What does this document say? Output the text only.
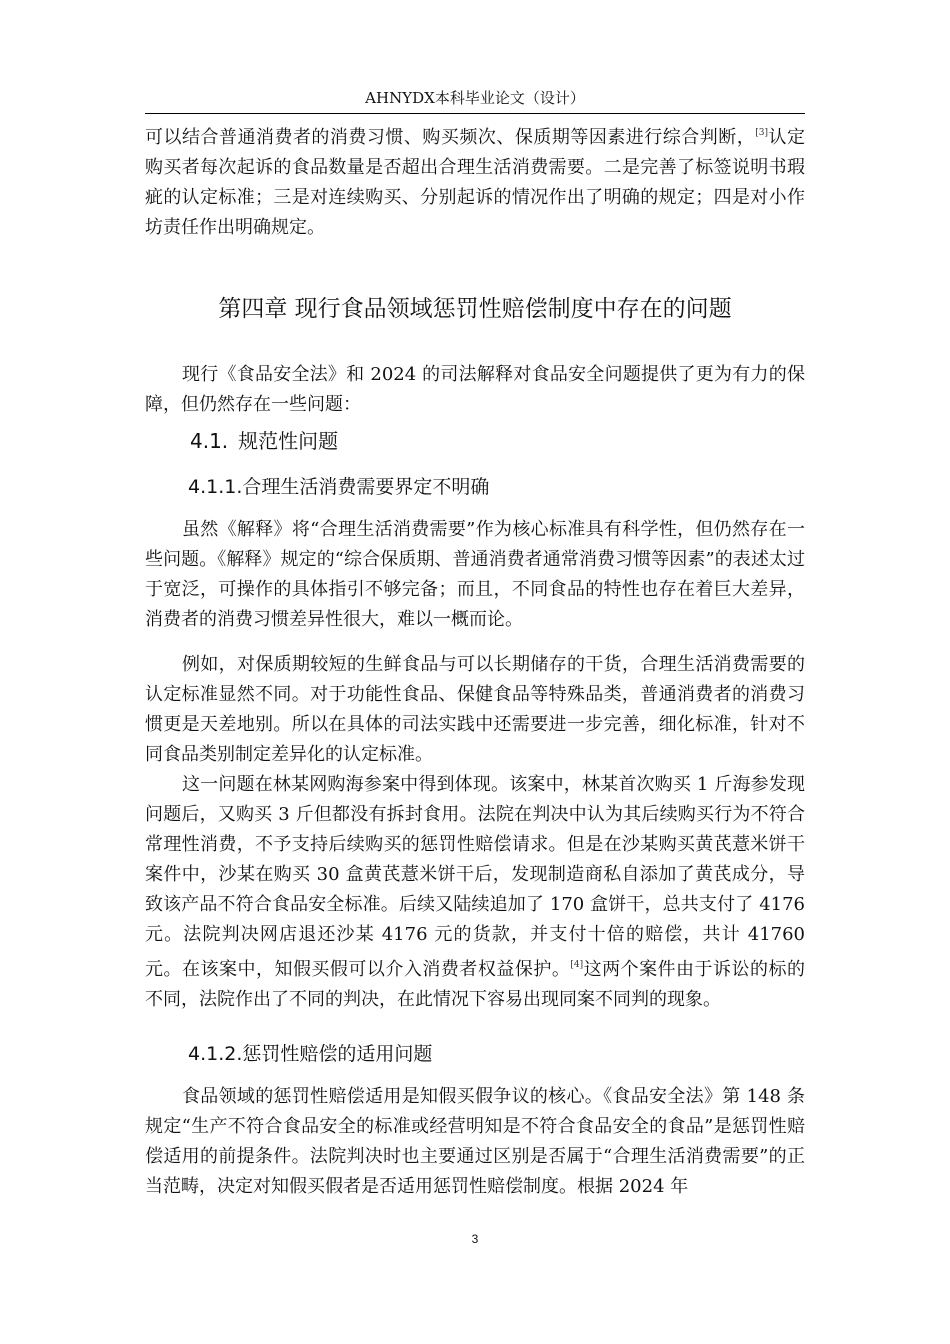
AHNYDX本科毕业论文（设计）

可以结合普通消费者的消费习惯、购买频次、保质期等因素进行综合判断，[3]认定购买者每次起诉的食品数量是否超出合理生活消费需要。二是完善了标签说明书瑕疵的认定标准；三是对连续购买、分别起诉的情况作出了明确的规定；四是对小作坊责任作出明确规定。

第四章 现行食品领域惩罚性赔偿制度中存在的问题

现行《食品安全法》和 2024 的司法解释对食品安全问题提供了更为有力的保障，但仍然存在一些问题：

4.1. 规范性问题
4.1.1.合理生活消费需要界定不明确

虽然《解释》将“合理生活消费需要”作为核心标准具有科学性，但仍然存在一些问题。《解释》规定的“综合保质期、普通消费者通常消费习惯等因素”的表述太过于宽泛，可操作的具体指引不够完备；而且，不同食品的特性也存在着巨大差异，消费者的消费习惯差异性很大，难以一概而论。

例如，对保质期较短的生鲜食品与可以长期储存的干货，合理生活消费需要的认定标准显然不同。对于功能性食品、保健食品等特殊品类，普通消费者的消费习惯更是天差地别。所以在具体的司法实践中还需要进一步完善，细化标准，针对不同食品类别制定差异化的认定标准。

这一问题在林某网购海参案中得到体现。该案中，林某首次购买 1 斤海参发现问题后，又购买 3 斤但都没有拆封食用。法院在判决中认为其后续购买行为不符合常理性消费，不予支持后续购买的惩罚性赔偿请求。但是在沙某购买黄芪薏米饼干案件中，沙某在购买 30 盒黄芪薏米饼干后，发现制造商私自添加了黄芪成分，导致该产品不符合食品安全标准。后续又陆续追加了 170 盒饼干，总共支付了 4176 元。法院判决网店退还沙某 4176 元的货款，并支付十倍的赔偿，共计 41760 元。在该案中，知假买假可以介入消费者权益保护。[4]这两个案件由于诉讼的标的不同，法院作出了不同的判决，在此情况下容易出现同案不同判的现象。

4.1.2.惩罚性赔偿的适用问题

食品领域的惩罚性赔偿适用是知假买假争议的核心。《食品安全法》第 148 条规定“生产不符合食品安全的标准或经营明知是不符合食品安全的食品”是惩罚性赔偿适用的前提条件。法院判决时也主要通过区别是否属于“合理生活消费需要”的正当范畴，决定对知假买假者是否适用惩罚性赔偿制度。根据 2024 年

3
